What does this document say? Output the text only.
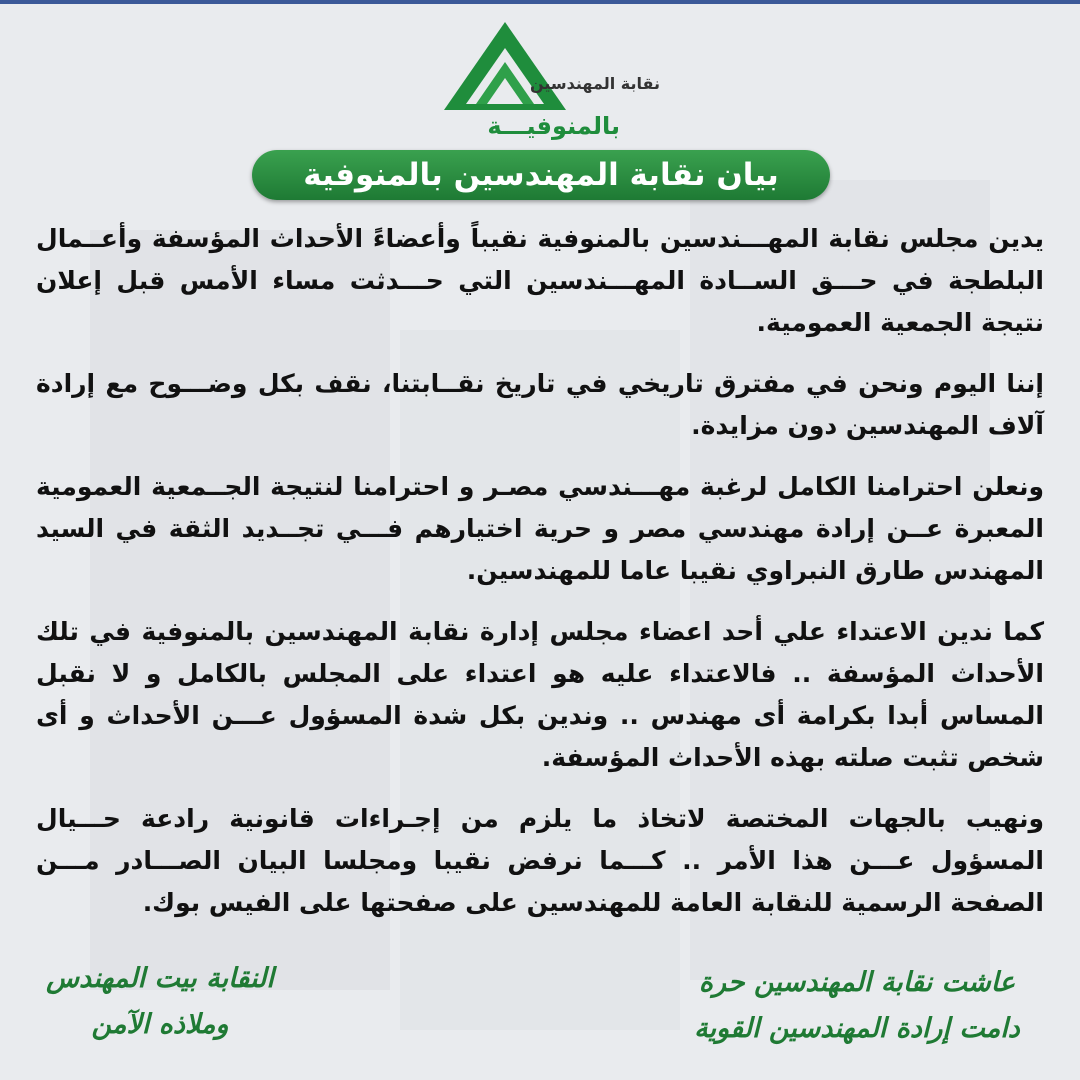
نقابة المهندسين
بالمنوفيـــة
بيان نقابة المهندسين بالمنوفية

يدين مجلس نقابة المهـــندسين بالمنوفية نقيباً وأعضاءً الأحداث المؤسفة وأعــمال البلطجة في حـــق الســادة المهـــندسين التي حـــدثت مساء الأمس قبل إعلان نتيجة الجمعية العمومية.

إننا اليوم ونحن في مفترق تاريخي في تاريخ نقــابتنا، نقف بكل وضـــوح مع إرادة آلاف المهندسين دون مزايدة.

ونعلن احترامنا الكامل لرغبة مهـــندسي مصـر و احترامنا لنتيجة الجــمعية العمومية المعبرة عــن إرادة مهندسي مصر و حرية اختيارهم فـــي تجــديد الثقة في السيد المهندس طارق النبراوي نقيبا عاما للمهندسين.

كما ندين الاعتداء علي أحد اعضاء مجلس إدارة نقابة المهندسين بالمنوفية في تلك الأحداث المؤسفة .. فالاعتداء عليه هو اعتداء على المجلس بالكامل و لا نقبل المساس أبدا بكرامة أى مهندس .. وندين بكل شدة المسؤول عـــن الأحداث و أى شخص تثبت صلته بهذه الأحداث المؤسفة.

ونهيب بالجهات المختصة لاتخاذ ما يلزم من إجـراءات قانونية رادعة حـــيال المسؤول عـــن هذا الأمر .. كـــما نرفض نقيبا ومجلسا البيان الصـــادر مـــن الصفحة الرسمية للنقابة العامة للمهندسين على صفحتها على الفيس بوك.

عاشت نقابة المهندسين حرة
دامت إرادة المهندسين القوية
النقابة بيت المهندس
وملاذه الآمن
